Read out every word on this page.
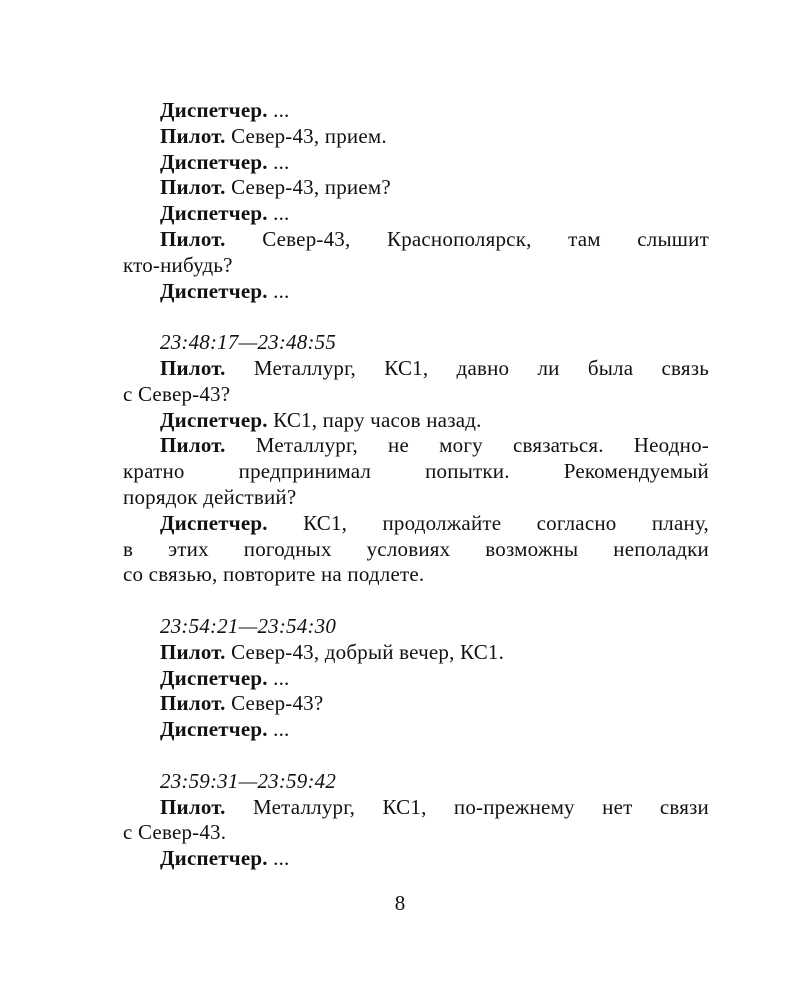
Диспетчер. ...
Пилот. Север-43, прием.
Диспетчер. ...
Пилот. Север-43, прием?
Диспетчер. ...
Пилот. Север-43, Краснополярск, там слышит
кто-нибудь?
Диспетчер. ...
23:48:17—23:48:55
Пилот. Металлург, КС1, давно ли была связь
с Север-43?
Диспетчер. КС1, пару часов назад.
Пилот. Металлург, не могу связаться. Неодно-
кратно предпринимал попытки. Рекомендуемый
порядок действий?
Диспетчер. КС1, продолжайте согласно плану,
в этих погодных условиях возможны неполадки
со связью, повторите на подлете.
23:54:21—23:54:30
Пилот. Север-43, добрый вечер, КС1.
Диспетчер. ...
Пилот. Север-43?
Диспетчер. ...
23:59:31—23:59:42
Пилот. Металлург, КС1, по-прежнему нет связи
с Север-43.
Диспетчер. ...
8
